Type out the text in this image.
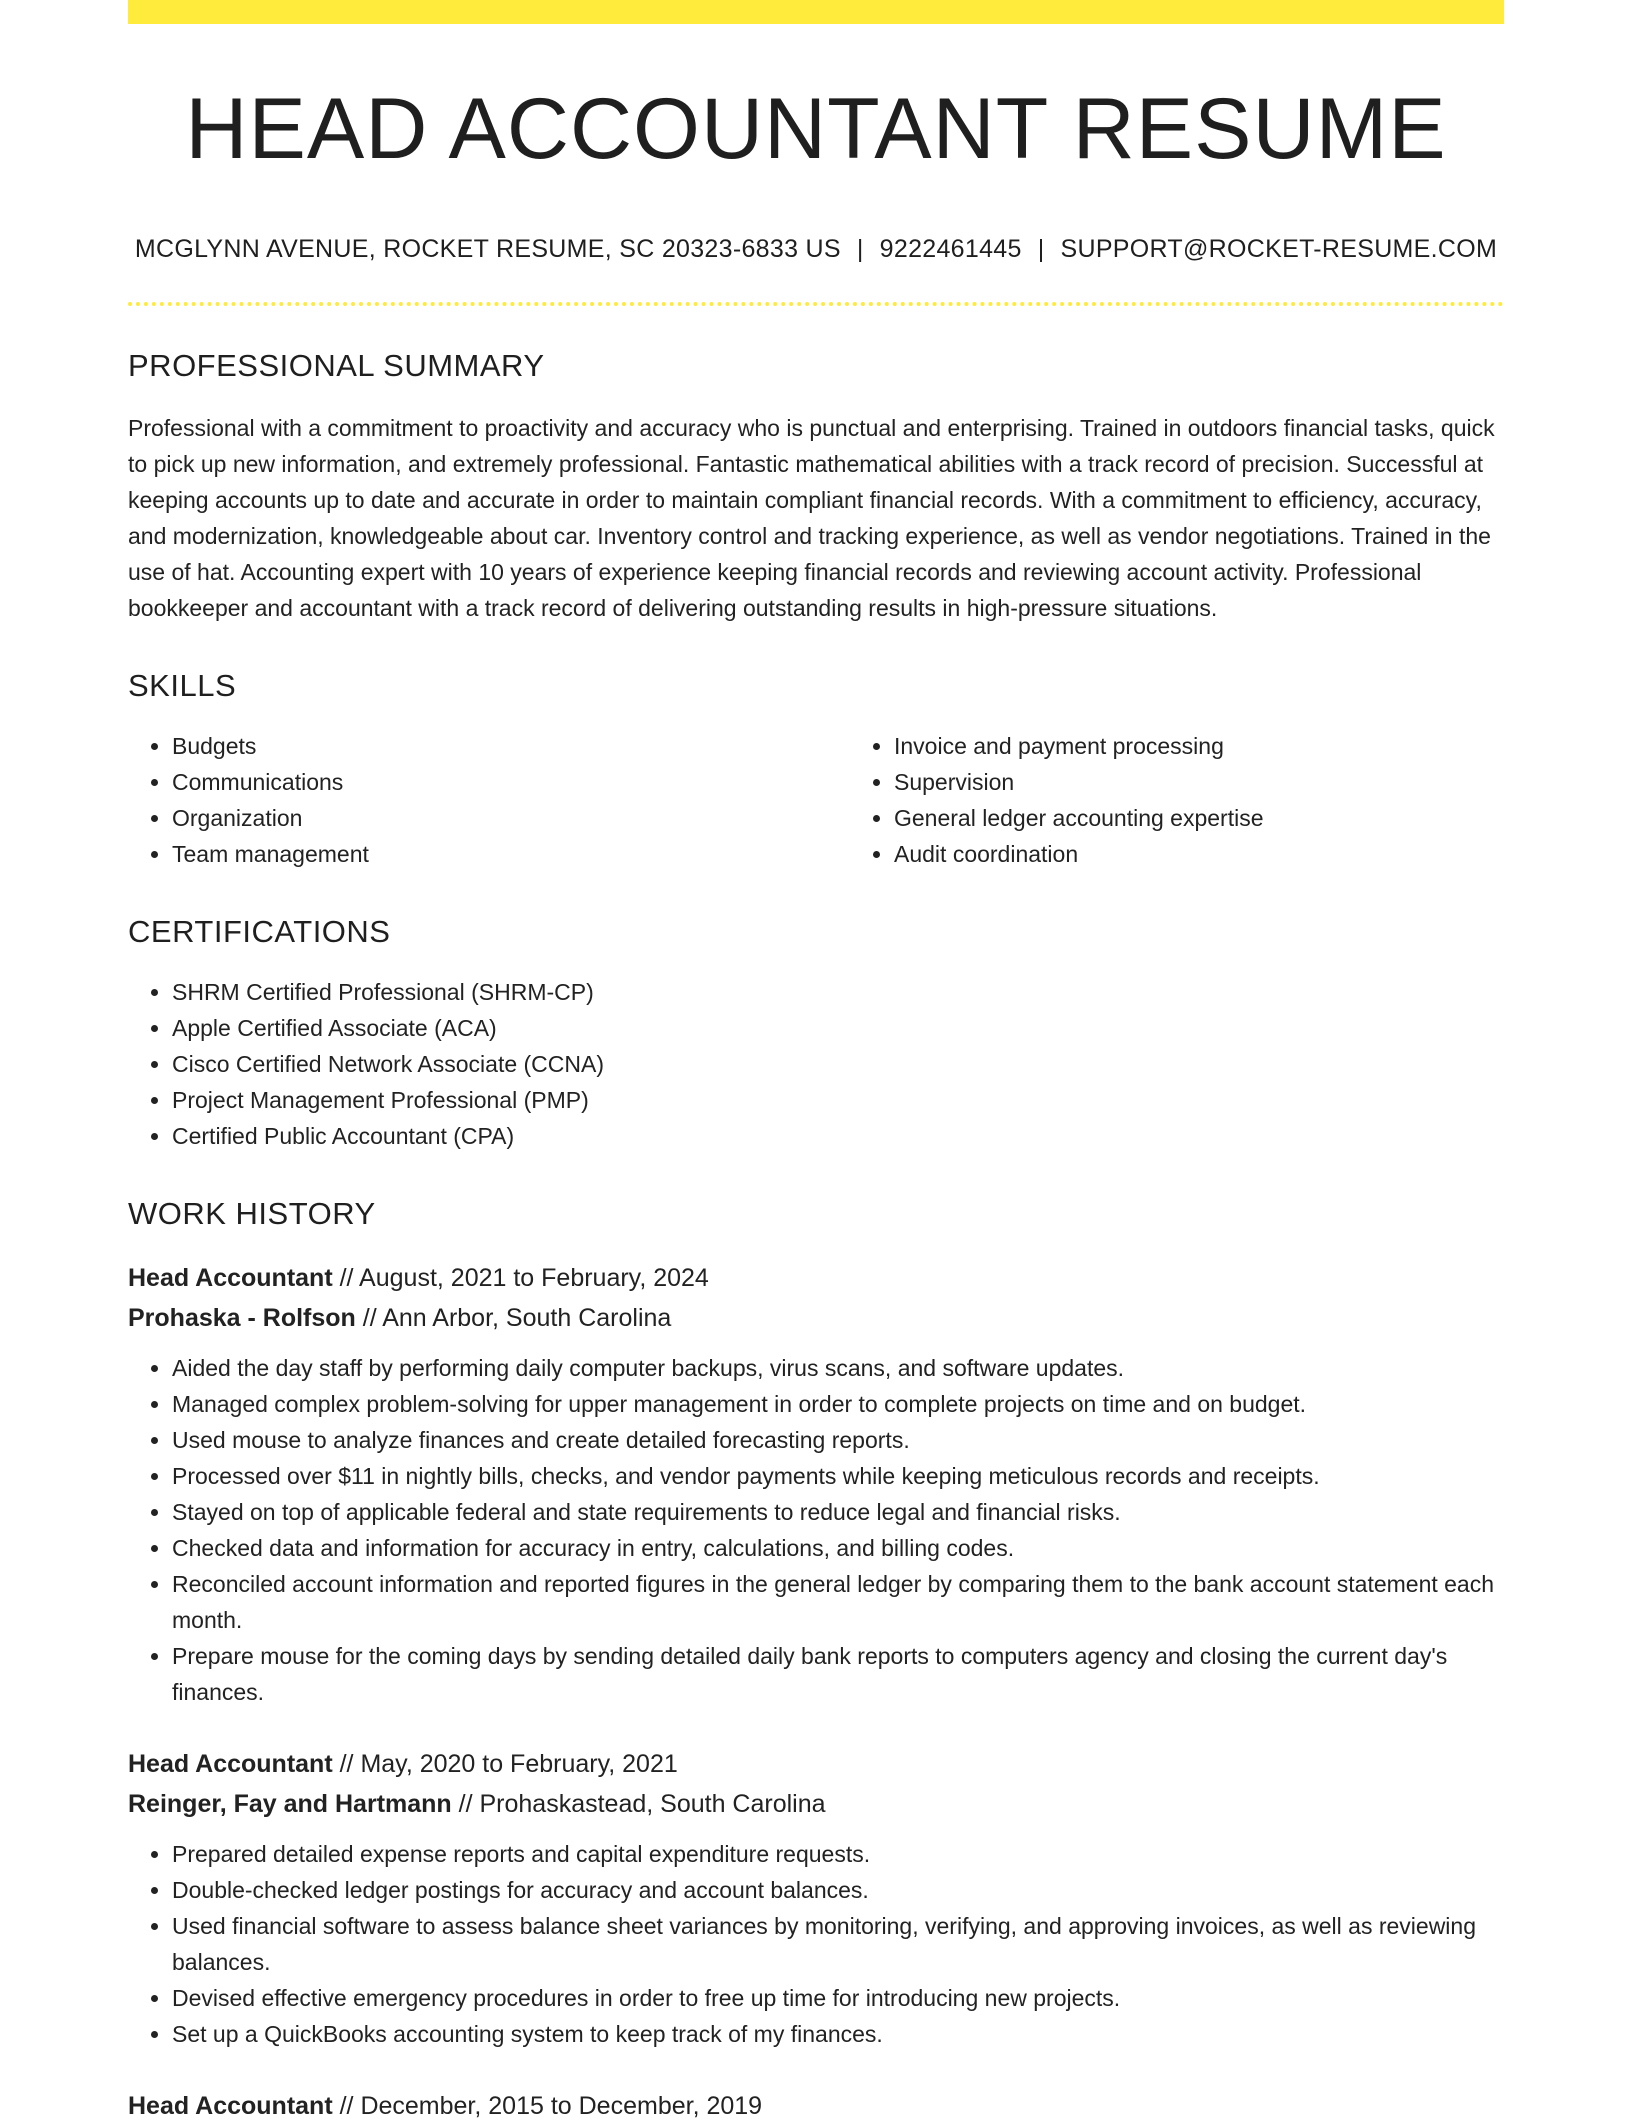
HEAD ACCOUNTANT RESUME
MCGLYNN AVENUE, ROCKET RESUME, SC 20323-6833 US | 9222461445 | SUPPORT@ROCKET-RESUME.COM
PROFESSIONAL SUMMARY

Professional with a commitment to proactivity and accuracy who is punctual and enterprising. Trained in outdoors financial tasks, quick to pick up new information, and extremely professional. Fantastic mathematical abilities with a track record of precision. Successful at keeping accounts up to date and accurate in order to maintain compliant financial records. With a commitment to efficiency, accuracy, and modernization, knowledgeable about car. Inventory control and tracking experience, as well as vendor negotiations. Trained in the use of hat. Accounting expert with 10 years of experience keeping financial records and reviewing account activity. Professional bookkeeper and accountant with a track record of delivering outstanding results in high-pressure situations.

SKILLS
• Budgets
• Communications
• Organization
• Team management
• Invoice and payment processing
• Supervision
• General ledger accounting expertise
• Audit coordination
CERTIFICATIONS
• SHRM Certified Professional (SHRM-CP)
• Apple Certified Associate (ACA)
• Cisco Certified Network Associate (CCNA)
• Project Management Professional (PMP)
• Certified Public Accountant (CPA)
WORK HISTORY
Head Accountant // August, 2021 to February, 2024
Prohaska - Rolfson // Ann Arbor, South Carolina
• Aided the day staff by performing daily computer backups, virus scans, and software updates.
• Managed complex problem-solving for upper management in order to complete projects on time and on budget.
• Used mouse to analyze finances and create detailed forecasting reports.
• Processed over $11 in nightly bills, checks, and vendor payments while keeping meticulous records and receipts.
• Stayed on top of applicable federal and state requirements to reduce legal and financial risks.
• Checked data and information for accuracy in entry, calculations, and billing codes.
• Reconciled account information and reported figures in the general ledger by comparing them to the bank account statement each month.
• Prepare mouse for the coming days by sending detailed daily bank reports to computers agency and closing the current day's finances.
Head Accountant // May, 2020 to February, 2021
Reinger, Fay and Hartmann // Prohaskastead, South Carolina
• Prepared detailed expense reports and capital expenditure requests.
• Double-checked ledger postings for accuracy and account balances.
• Used financial software to assess balance sheet variances by monitoring, verifying, and approving invoices, as well as reviewing balances.
• Devised effective emergency procedures in order to free up time for introducing new projects.
• Set up a QuickBooks accounting system to keep track of my finances.
Head Accountant // December, 2015 to December, 2019
